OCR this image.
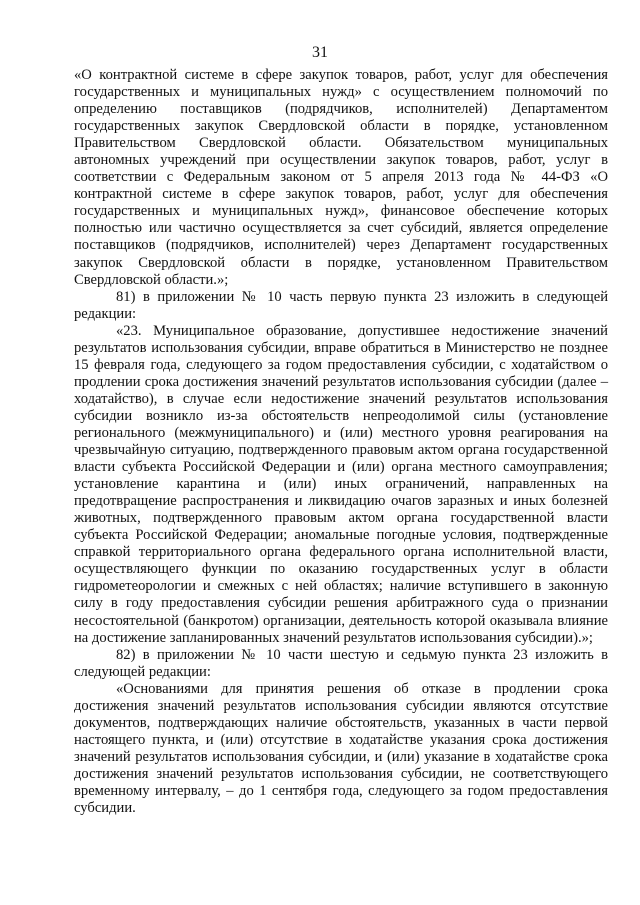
31

«О контрактной системе в сфере закупок товаров, работ, услуг для обеспечения государственных и муниципальных нужд» с осуществлением полномочий по определению поставщиков (подрядчиков, исполнителей) Департаментом государственных закупок Свердловской области в порядке, установленном Правительством Свердловской области. Обязательством муниципальных автономных учреждений при осуществлении закупок товаров, работ, услуг в соответствии с Федеральным законом от 5 апреля 2013 года № 44-ФЗ «О контрактной системе в сфере закупок товаров, работ, услуг для обеспечения государственных и муниципальных нужд», финансовое обеспечение которых полностью или частично осуществляется за счет субсидий, является определение поставщиков (подрядчиков, исполнителей) через Департамент государственных закупок Свердловской области в порядке, установленном Правительством Свердловской области.»;

81) в приложении № 10 часть первую пункта 23 изложить в следующей редакции:

«23. Муниципальное образование, допустившее недостижение значений результатов использования субсидии, вправе обратиться в Министерство не позднее 15 февраля года, следующего за годом предоставления субсидии, с ходатайством о продлении срока достижения значений результатов использования субсидии (далее – ходатайство), в случае если недостижение значений результатов использования субсидии возникло из-за обстоятельств непреодолимой силы (установление регионального (межмуниципального) и (или) местного уровня реагирования на чрезвычайную ситуацию, подтвержденного правовым актом органа государственной власти субъекта Российской Федерации и (или) органа местного самоуправления; установление карантина и (или) иных ограничений, направленных на предотвращение распространения и ликвидацию очагов заразных и иных болезней животных, подтвержденного правовым актом органа государственной власти субъекта Российской Федерации; аномальные погодные условия, подтвержденные справкой территориального органа федерального органа исполнительной власти, осуществляющего функции по оказанию государственных услуг в области гидрометеорологии и смежных с ней областях; наличие вступившего в законную силу в году предоставления субсидии решения арбитражного суда о признании несостоятельной (банкротом) организации, деятельность которой оказывала влияние на достижение запланированных значений результатов использования субсидии).»;

82) в приложении № 10 части шестую и седьмую пункта 23 изложить в следующей редакции:

«Основаниями для принятия решения об отказе в продлении срока достижения значений результатов использования субсидии являются отсутствие документов, подтверждающих наличие обстоятельств, указанных в части первой настоящего пункта, и (или) отсутствие в ходатайстве указания срока достижения значений результатов использования субсидии, и (или) указание в ходатайстве срока достижения значений результатов использования субсидии, не соответствующего временному интервалу, – до 1 сентября года, следующего за годом предоставления субсидии.
